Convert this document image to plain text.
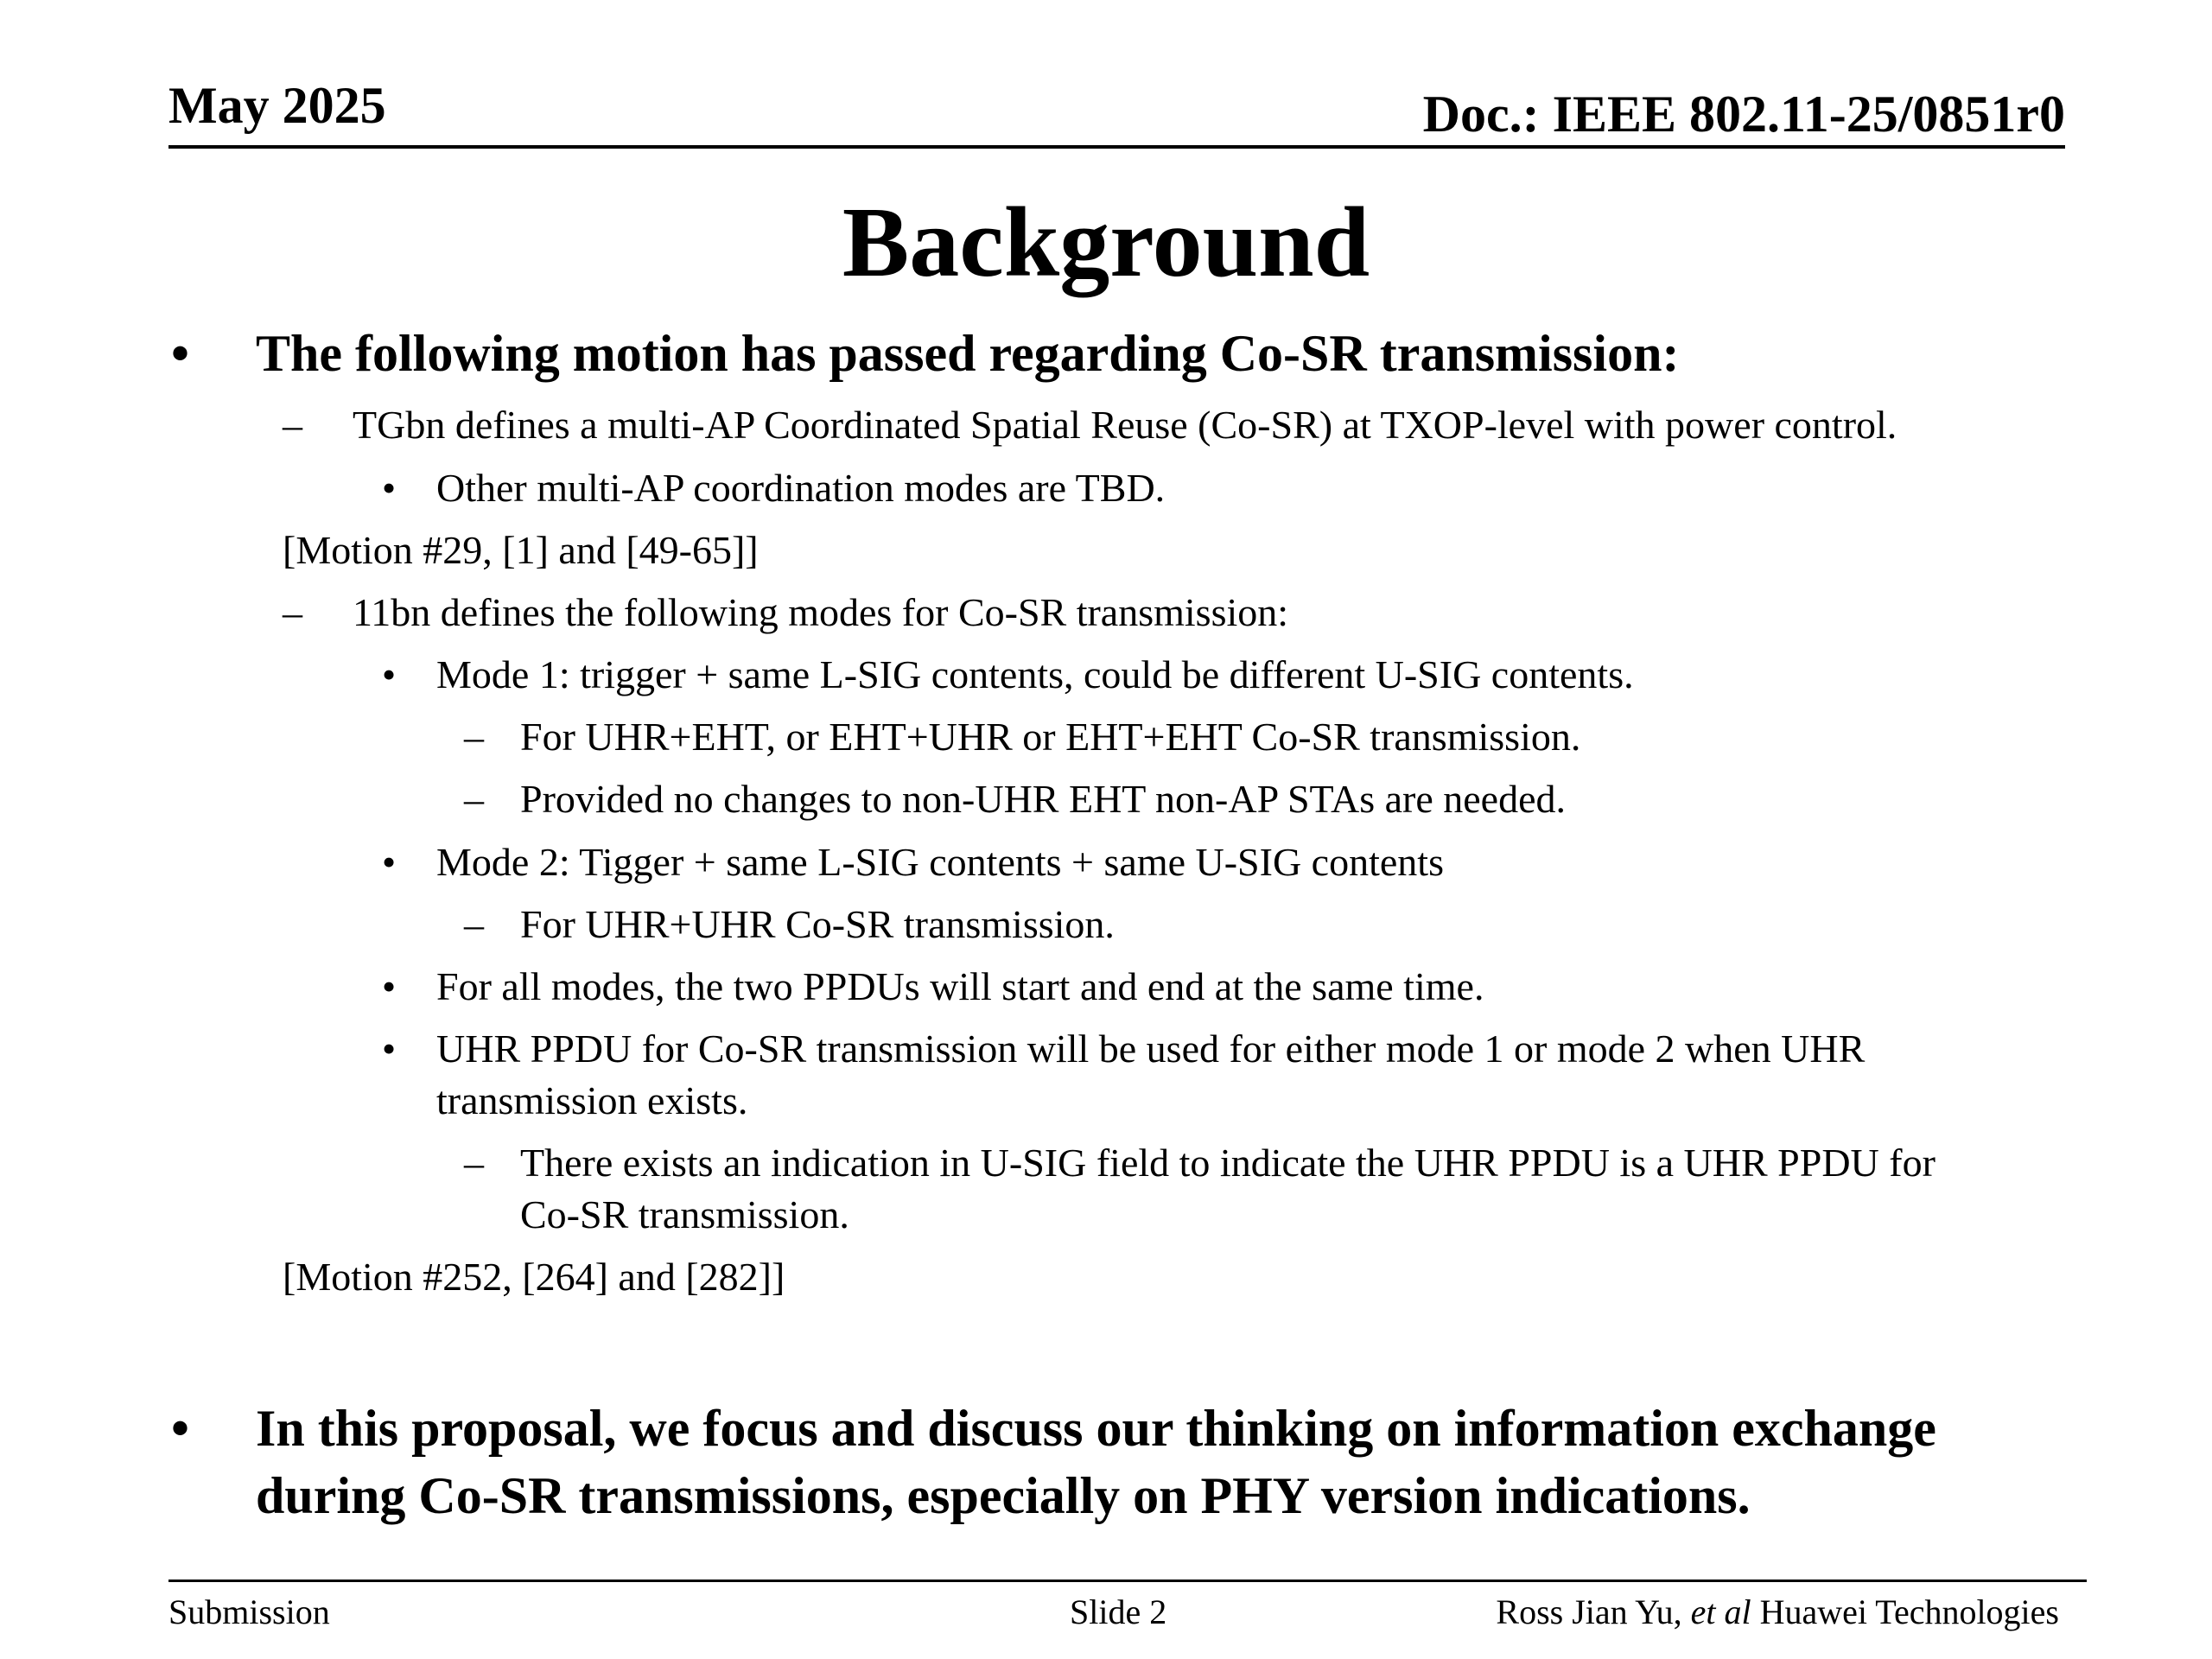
May 2025	Doc.: IEEE 802.11-25/0851r0
Background
• The following motion has passed regarding Co-SR transmission:
– TGbn defines a multi-AP Coordinated Spatial Reuse (Co-SR) at TXOP-level with power control.
• Other multi-AP coordination modes are TBD.
[Motion #29, [1] and [49-65]]
– 11bn defines the following modes for Co-SR transmission:
• Mode 1: trigger + same L-SIG contents, could be different U-SIG contents.
– For UHR+EHT, or EHT+UHR or EHT+EHT Co-SR transmission.
– Provided no changes to non-UHR EHT non-AP STAs are needed.
• Mode 2: Tigger + same L-SIG contents + same U-SIG contents
– For UHR+UHR Co-SR transmission.
• For all modes, the two PPDUs will start and end at the same time.
• UHR PPDU for Co-SR transmission will be used for either mode 1 or mode 2 when UHR
transmission exists.
– There exists an indication in U-SIG field to indicate the UHR PPDU is a UHR PPDU for
Co-SR transmission.
[Motion #252, [264] and [282]]
• In this proposal, we focus and discuss our thinking on information exchange
during Co-SR transmissions, especially on PHY version indications.
Submission	Slide 2	Ross Jian Yu, et al Huawei Technologies
